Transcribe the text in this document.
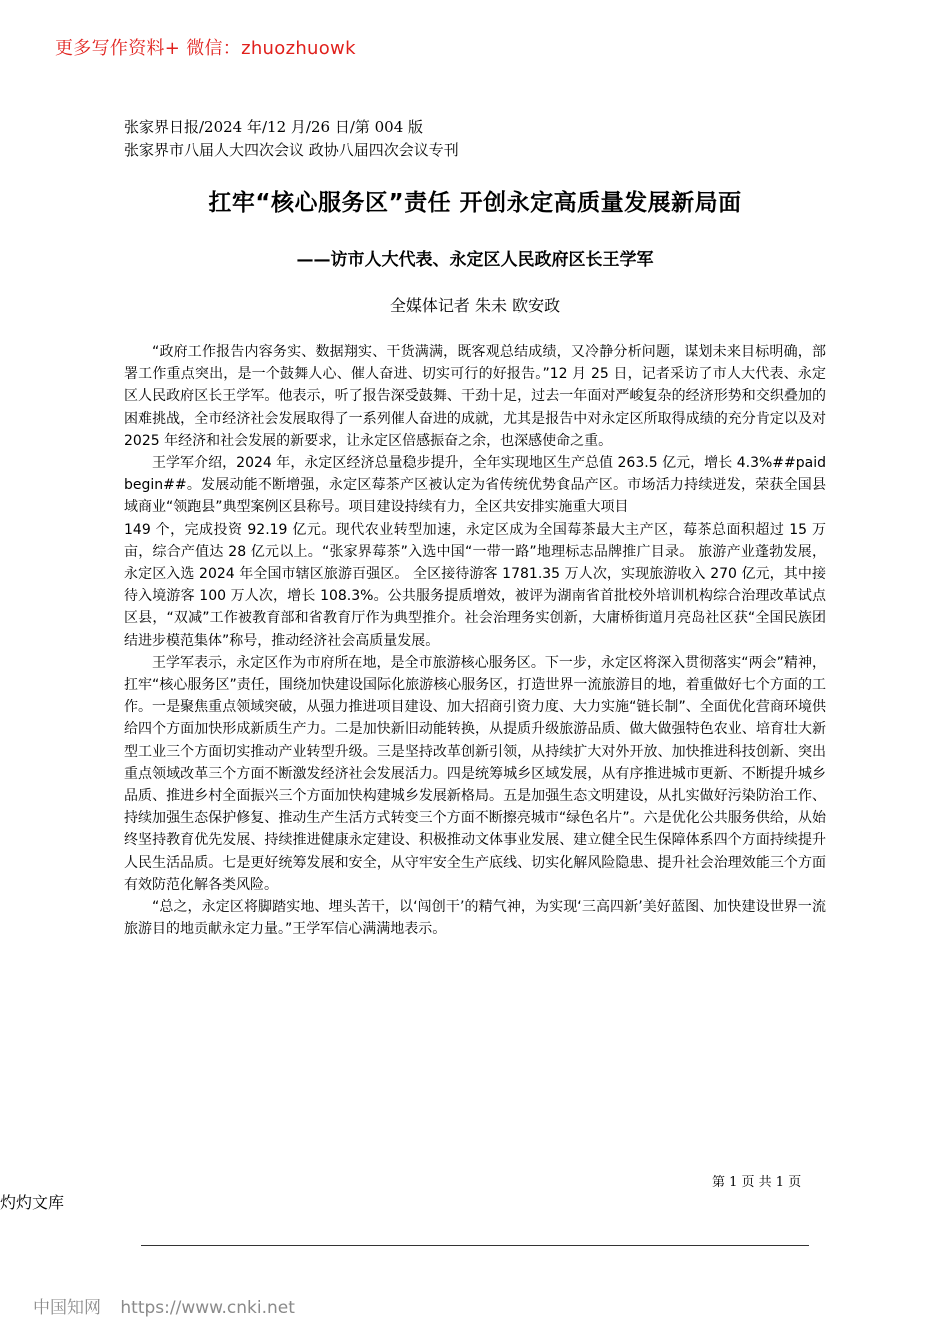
更多写作资料+ 微信：zhuozhuowk
张家界日报/2024 年/12 月/26 日/第 004 版
张家界市八届人大四次会议 政协八届四次会议专刊
扛牢“核心服务区”责任 开创永定高质量发展新局面
——访市人大代表、永定区人民政府区长王学军
全媒体记者 朱未 欧安政

“政府工作报告内容务实、数据翔实、干货满满，既客观总结成绩，又冷静分析问题，谋划未来目标明确，部署工作重点突出，是一个鼓舞人心、催人奋进、切实可行的好报告。”12 月 25 日，记者采访了市人大代表、永定区人民政府区长王学军。他表示，听了报告深受鼓舞、干劲十足，过去一年面对严峻复杂的经济形势和交织叠加的困难挑战，全市经济社会发展取得了一系列催人奋进的成就，尤其是报告中对永定区所取得成绩的充分肯定以及对 2025 年经济和社会发展的新要求，让永定区倍感振奋之余，也深感使命之重。

王学军介绍，2024 年，永定区经济总量稳步提升，全年实现地区生产总值 263.5 亿元，增长 4.3%##paidbegin##。发展动能不断增强，永定区莓茶产区被认定为省传统优势食品产区。市场活力持续迸发，荣获全国县域商业“领跑县”典型案例区县称号。项目建设持续有力，全区共安排实施重大项目

149 个，完成投资 92.19 亿元。现代农业转型加速，永定区成为全国莓茶最大主产区，莓茶总面积超过 15 万亩，综合产值达 28 亿元以上。“张家界莓茶”入选中国“一带一路”地理标志品牌推广目录。 旅游产业蓬勃发展， 永定区入选 2024 年全国市辖区旅游百强区。 全区接待游客 1781.35 万人次，实现旅游收入 270 亿元，其中接待入境游客 100 万人次，增长 108.3%。公共服务提质增效，被评为湖南省首批校外培训机构综合治理改革试点区县，“双减”工作被教育部和省教育厅作为典型推介。社会治理务实创新，大庸桥街道月亮岛社区获“全国民族团结进步模范集体”称号，推动经济社会高质量发展。

王学军表示，永定区作为市府所在地，是全市旅游核心服务区。下一步，永定区将深入贯彻落实“两会”精神，扛牢“核心服务区”责任，围绕加快建设国际化旅游核心服务区，打造世界一流旅游目的地，着重做好七个方面的工作。一是聚焦重点领域突破，从强力推进项目建设、加大招商引资力度、大力实施“链长制”、全面优化营商环境供给四个方面加快形成新质生产力。二是加快新旧动能转换，从提质升级旅游品质、做大做强特色农业、培育壮大新型工业三个方面切实推动产业转型升级。三是坚持改革创新引领，从持续扩大对外开放、加快推进科技创新、突出重点领域改革三个方面不断激发经济社会发展活力。四是统筹城乡区域发展，从有序推进城市更新、不断提升城乡品质、推进乡村全面振兴三个方面加快构建城乡发展新格局。五是加强生态文明建设，从扎实做好污染防治工作、持续加强生态保护修复、推动生产生活方式转变三个方面不断擦亮城市“绿色名片”。六是优化公共服务供给，从始终坚持教育优先发展、持续推进健康永定建设、积极推动文体事业发展、建立健全民生保障体系四个方面持续提升人民生活品质。七是更好统筹发展和安全，从守牢安全生产底线、切实化解风险隐患、提升社会治理效能三个方面有效防范化解各类风险。

“总之，永定区将脚踏实地、埋头苦干，以‘闯创干’的精气神，为实现‘三高四新’美好蓝图、加快建设世界一流旅游目的地贡献永定力量。”王学军信心满满地表示。

第 1 页 共 1 页
灼灼文库
中国知网 https://www.cnki.net
